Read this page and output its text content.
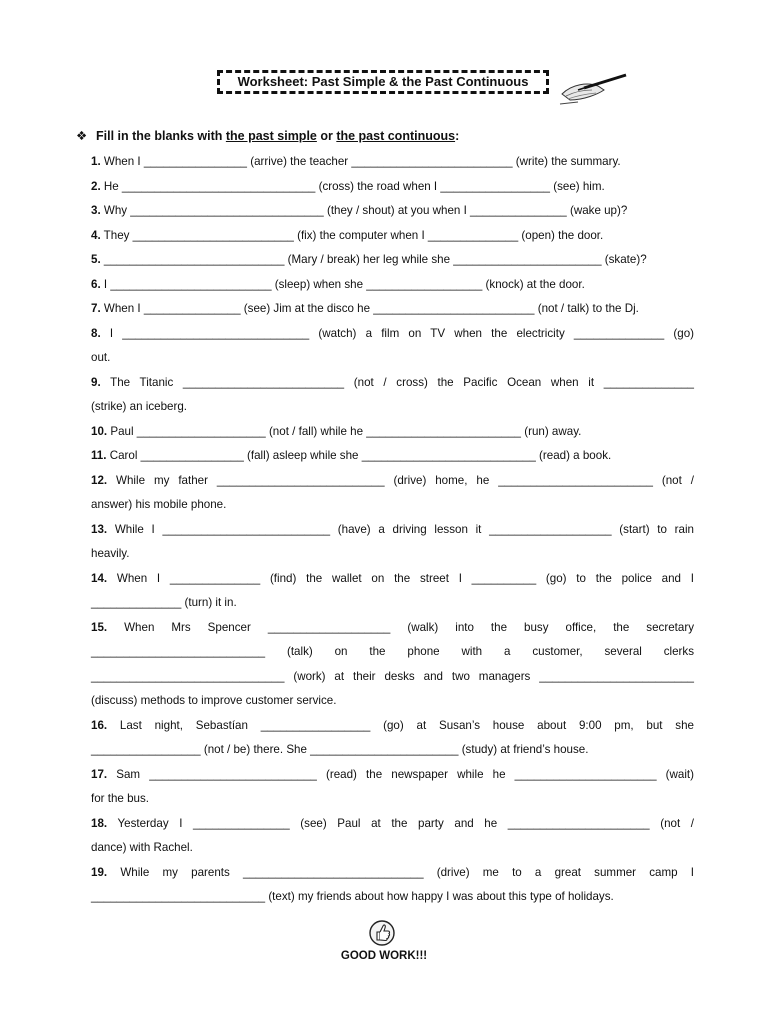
Worksheet: Past Simple & the Past Continuous
❖ Fill in the blanks with the past simple or the past continuous:
1. When I ________________ (arrive) the teacher _________________________ (write) the summary.
2. He ______________________________ (cross) the road when I _________________ (see) him.
3. Why ______________________________ (they / shout) at you when I _______________ (wake up)?
4. They _________________________ (fix) the computer when I ______________ (open) the door.
5. ____________________________ (Mary / break) her leg while she _______________________ (skate)?
6. I _________________________ (sleep) when she __________________ (knock) at the door.
7. When I _______________ (see) Jim at the disco he _________________________ (not / talk) to the Dj.
8. I _____________________________ (watch) a film on TV when the electricity ______________ (go)
out.
9. The Titanic _________________________ (not / cross) the Pacific Ocean when it ______________
(strike) an iceberg.
10. Paul ____________________ (not / fall) while he ________________________ (run) away.
11. Carol ________________ (fall) asleep while she ___________________________ (read) a book.
12. While my father __________________________ (drive) home, he ________________________ (not /
answer) his mobile phone.
13. While I __________________________ (have) a driving lesson it ___________________ (start) to rain
heavily.
14. When I ______________ (find) the wallet on the street I __________ (go) to the police and I
______________ (turn) it in.
15. When Mrs Spencer ___________________ (walk) into the busy office, the secretary
___________________________ (talk) on the phone with a customer, several clerks
______________________________ (work) at their desks and two managers ________________________
(discuss) methods to improve customer service.
16. Last night, Sebastían _________________ (go) at Susan’s house about 9:00 pm, but she
_________________ (not / be) there. She _______________________ (study) at friend’s house.
17. Sam __________________________ (read) the newspaper while he ______________________ (wait)
for the bus.
18. Yesterday I _______________ (see) Paul at the party and he ______________________ (not /
dance) with Rachel.
19. While my parents ____________________________ (drive) me to a great summer camp I
___________________________ (text) my friends about how happy I was about this type of holidays.
GOOD WORK!!!
